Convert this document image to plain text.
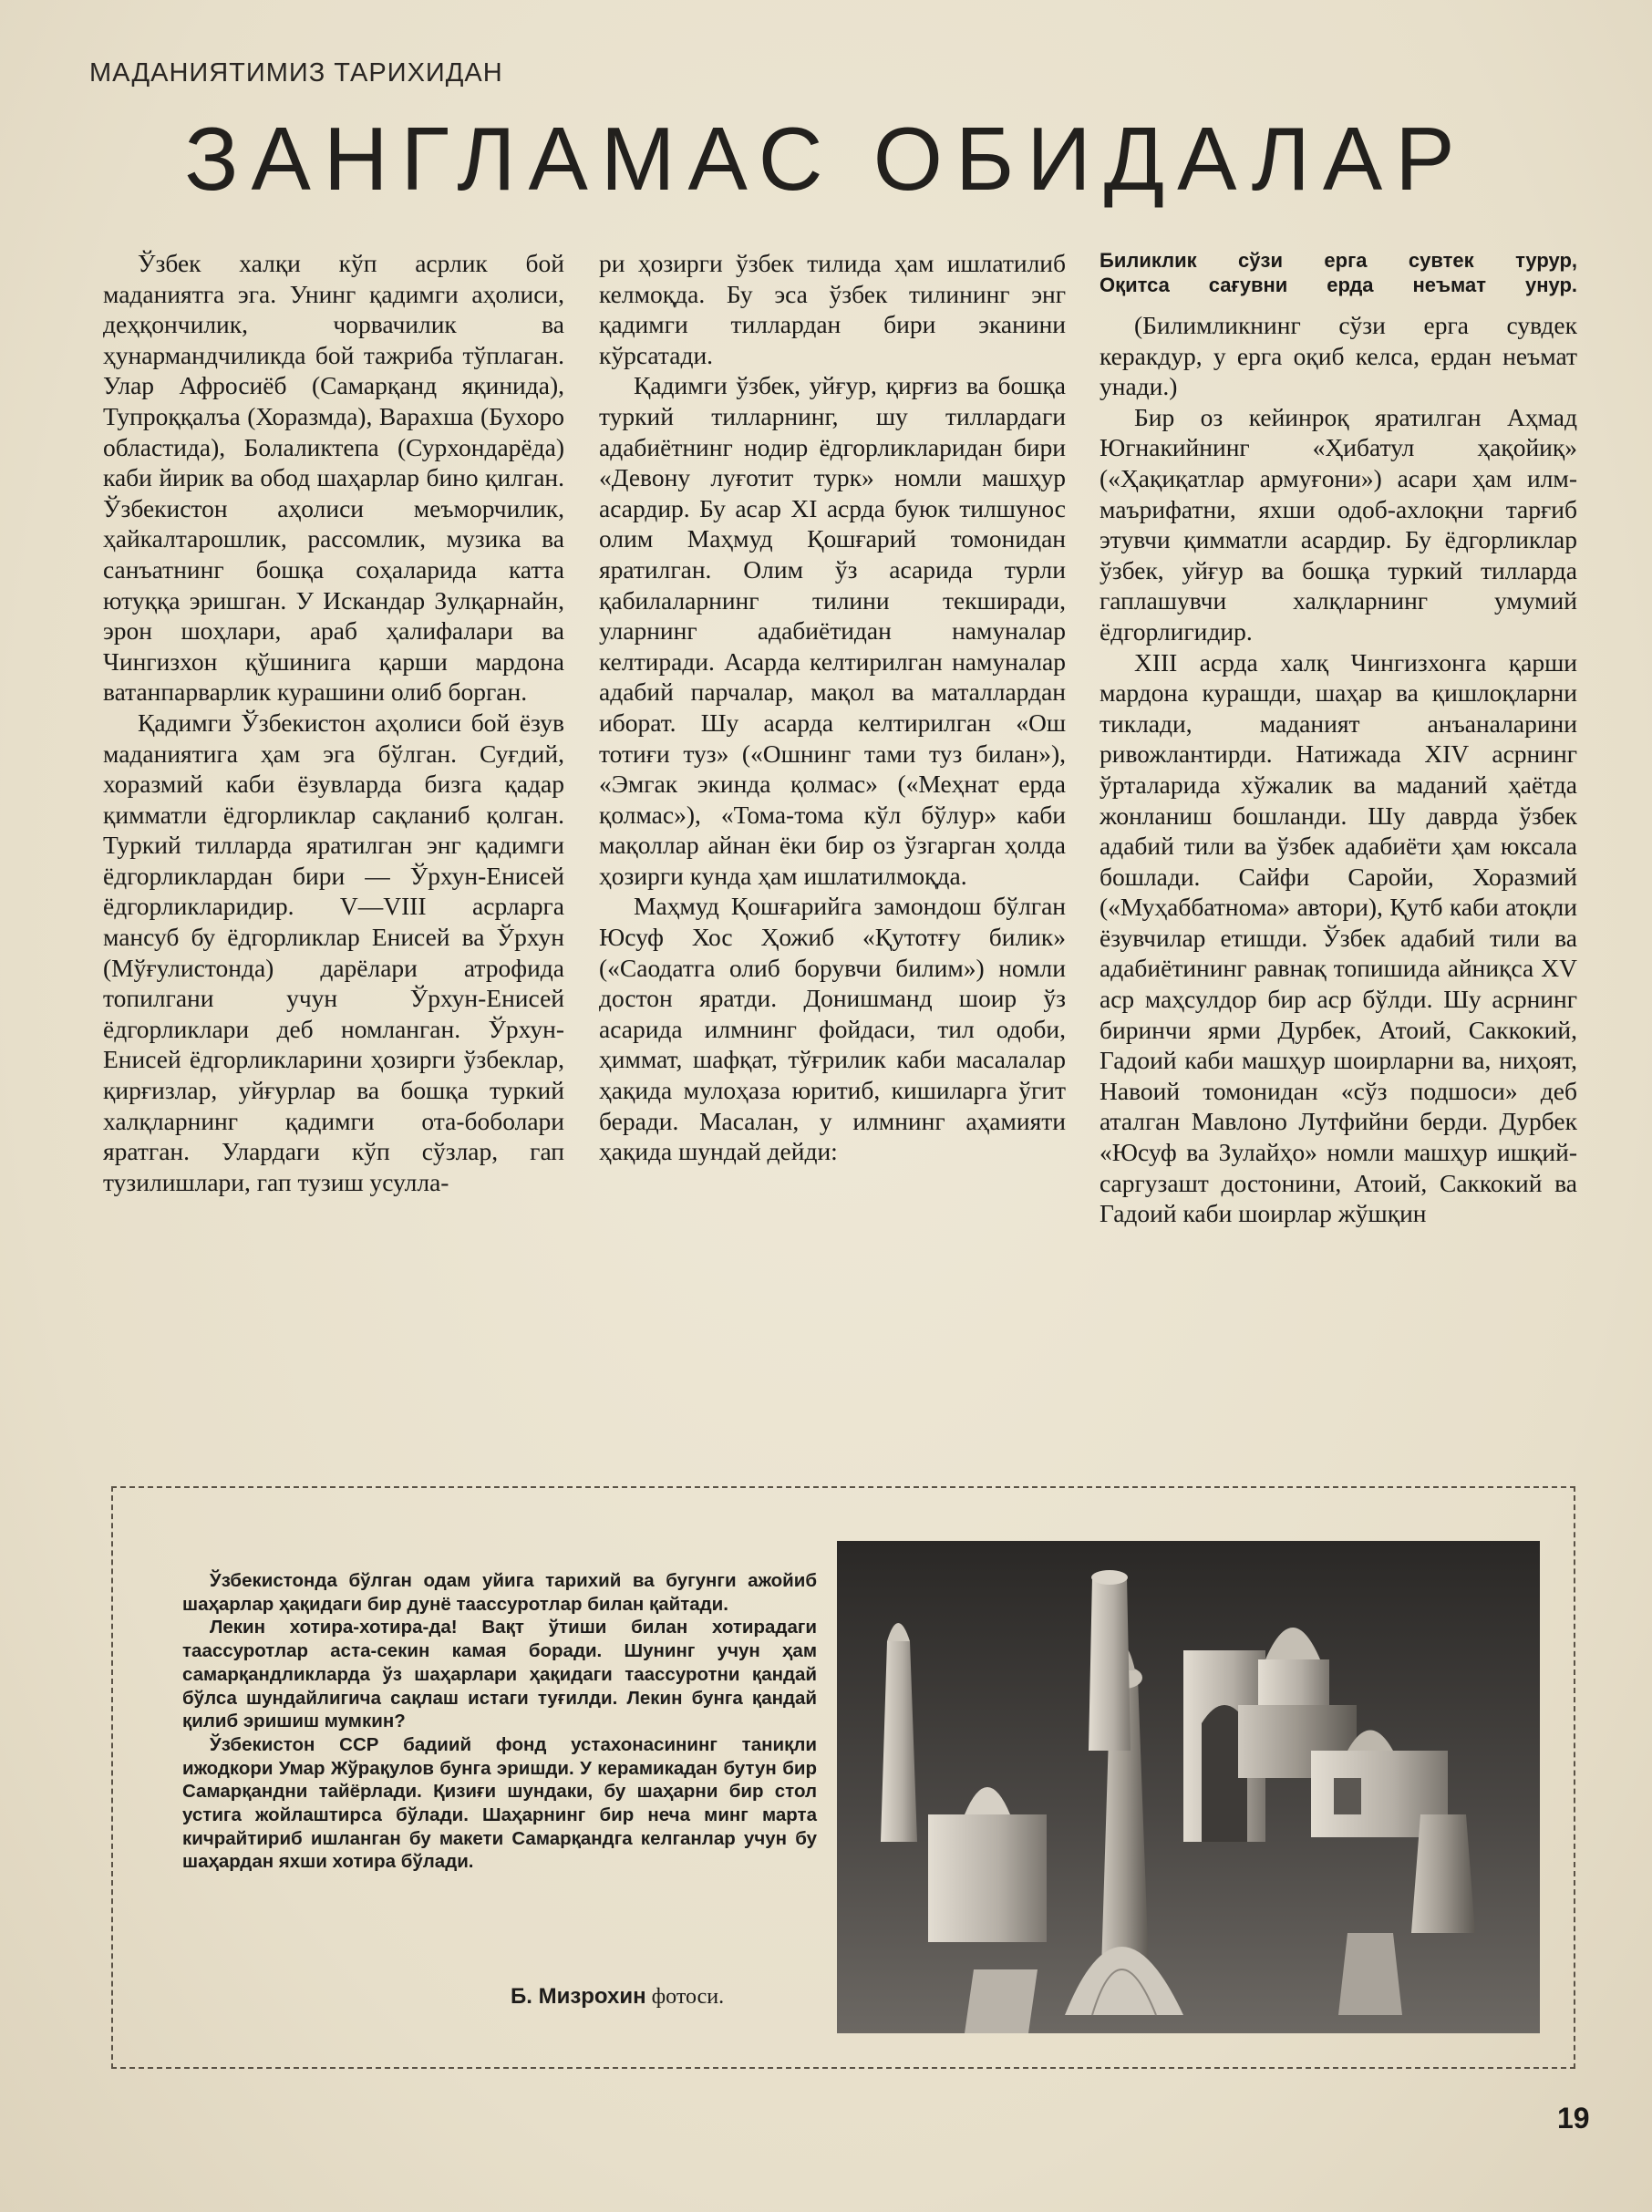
МАДАНИЯТИМИЗ ТАРИХИДАН
ЗАНГЛАМАС ОБИДАЛАР

Ўзбек халқи кўп асрлик бой маданиятга эга. Унинг қадимги аҳолиси, деҳқончилик, чорвачилик ва ҳунармандчиликда бой тажриба тўплаган. Улар Афросиёб (Самарқанд яқинида), Тупроққалъа (Хоразмда), Варахша (Бухоро областида), Болаликтепа (Сурхондарёда) каби йирик ва обод шаҳарлар бино қилган. Ўзбекистон аҳолиси меъморчилик, ҳайкалтарошлик, рассомлик, музика ва санъатнинг бошқа соҳаларида катта ютуққа эришган. У Искандар Зулқарнайн, эрон шоҳлари, араб ҳалифалари ва Чингизхон қўшинига қарши мардона ватанпарварлик курашини олиб борган.

Қадимги Ўзбекистон аҳолиси бой ёзув маданиятига ҳам эга бўлган. Суғдий, хоразмий каби ёзувларда бизга қадар қимматли ёдгорликлар сақланиб қолган. Туркий тилларда яратилган энг қадимги ёдгорликлардан бири — Ўрхун-Енисей ёдгорликларидир. V—VIII асрларга мансуб бу ёдгорликлар Енисей ва Ўрхун (Мўғулистонда) дарёлари атрофида топилгани учун Ўрхун-Енисей ёдгорликлари деб номланган. Ўрхун-Енисей ёдгорликларини ҳозирги ўзбеклар, қирғизлар, уйғурлар ва бошқа туркий халқларнинг қадимги ота-боболари яратган. Улардаги кўп сўзлар, гап тузилишлари, гап тузиш усулла-

ри ҳозирги ўзбек тилида ҳам ишлатилиб келмоқда. Бу эса ўзбек тилининг энг қадимги тиллардан бири эканини кўрсатади.

Қадимги ўзбек, уйғур, қирғиз ва бошқа туркий тилларнинг, шу тиллардаги адабиётнинг нодир ёдгорликларидан бири «Девону луғотит турк» номли машҳур асардир. Бу асар XI асрда буюк тилшунос олим Маҳмуд Қошғарий томонидан яратилган. Олим ўз асарида турли қабилаларнинг тилини текширади, уларнинг адабиётидан намуналар келтиради. Асарда келтирилган намуналар адабий парчалар, мақол ва маталлардан иборат. Шу асарда келтирилган «Ош тотиғи туз» («Ошнинг тами туз билан»), «Эмгак экинда қолмас» («Меҳнат ерда қолмас»), «Тома-тома кўл бўлур» каби мақоллар айнан ёки бир оз ўзгарган ҳолда ҳозирги кунда ҳам ишлатилмоқда.

Маҳмуд Қошғарийга замондош бўлган Юсуф Хос Ҳожиб «Қутотғу билик» («Саодатга олиб борувчи билим») номли достон яратди. Донишманд шоир ўз асарида илмнинг фойдаси, тил одоби, ҳиммат, шафқат, тўғрилик каби масалалар ҳақида мулоҳаза юритиб, кишиларга ўгит беради. Масалан, у илмнинг аҳамияти ҳақида шундай дейди:

Биликлик сўзи ерга сувтек турур,
Оқитса сағувни ерда неъмат унур.

(Билимликнинг сўзи ерга сувдек керакдур, у ерга оқиб келса, ердан неъмат унади.)

Бир оз кейинроқ яратилган Аҳмад Югнакийнинг «Ҳибатул ҳақойиқ» («Ҳақиқатлар армуғони») асари ҳам илм-маърифатни, яхши одоб-ахлоқни тарғиб этувчи қимматли асардир. Бу ёдгорликлар ўзбек, уйғур ва бошқа туркий тилларда гаплашувчи халқларнинг умумий ёдгорлигидир.

XIII асрда халқ Чингизхонга қарши мардона курашди, шаҳар ва қишлоқларни тиклади, маданият анъаналарини ривожлантирди. Натижада XIV асрнинг ўрталарида хўжалик ва маданий ҳаётда жонланиш бошланди. Шу даврда ўзбек адабий тили ва ўзбек адабиёти ҳам юксала бошлади. Сайфи Саройи, Хоразмий («Муҳаббатнома» автори), Қутб каби атоқли ёзувчилар етишди. Ўзбек адабий тили ва адабиётининг равнақ топишида айниқса XV аср маҳсулдор бир аср бўлди. Шу асрнинг биринчи ярми Дурбек, Атоий, Саккокий, Гадоий каби машҳур шоирларни ва, ниҳоят, Навоий томонидан «сўз подшоси» деб аталган Мавлоно Лутфийни берди. Дурбек «Юсуф ва Зулайҳо» номли машҳур ишқий-саргузашт достонини, Атоий, Саккокий ва Гадоий каби шоирлар жўшқин

Ўзбекистонда бўлган одам уйига тарихий ва бугунги ажойиб шаҳарлар ҳақидаги бир дунё таассуротлар билан қайтади.

Лекин хотира-хотира-да! Вақт ўтиши билан хотирадаги таассуротлар аста-секин камая боради. Шунинг учун ҳам самарқандликларда ўз шаҳарлари ҳақидаги таассуротни қандай бўлса шундайлигича сақлаш истаги туғилди. Лекин бунга қандай қилиб эришиш мумкин?

Ўзбекистон ССР бадиий фонд устахонасининг таниқли ижодкори Умар Жўрақулов бунга эришди. У керамикадан бутун бир Самарқандни тайёрлади. Қизиғи шундаки, бу шаҳарни бир стол устига жойлаштирса бўлади. Шаҳарнинг бир неча минг марта кичрайтириб ишланган бу макети Самарқандга келганлар учун бу шаҳардан яхши хотира бўлади.

Б. Мизрохин фотоси.
19
